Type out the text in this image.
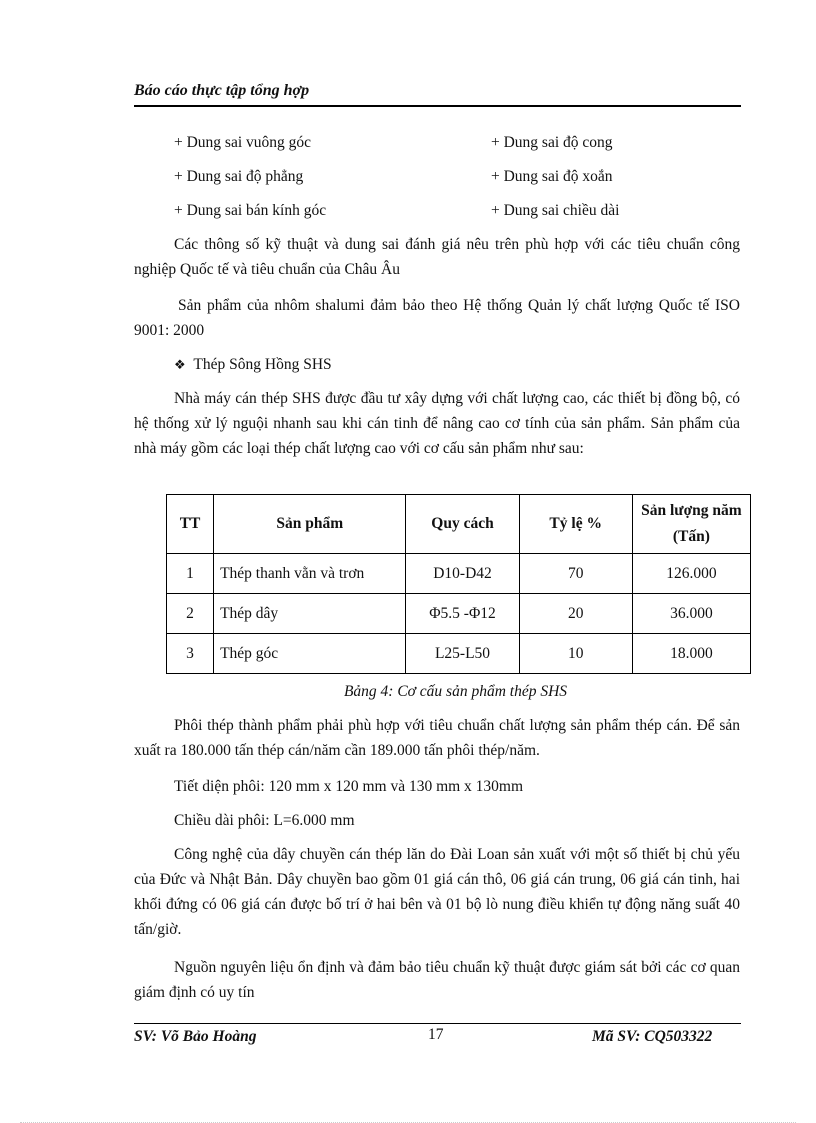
Báo cáo thực tập tổng hợp
+ Dung sai vuông góc	+ Dung sai độ cong
+ Dung sai độ phẳng	+ Dung sai độ xoắn
+ Dung sai bán kính góc	+ Dung sai chiều dài
Các thông số kỹ thuật và dung sai đánh giá nêu trên phù hợp với các tiêu chuẩn công nghiệp Quốc tế và tiêu chuẩn của Châu Âu
Sản phẩm của nhôm shalumi đảm bảo theo Hệ thống Quản lý chất lượng Quốc tế ISO 9001: 2000
❖ Thép Sông Hồng SHS
Nhà máy cán thép SHS được đầu tư xây dựng với chất lượng cao, các thiết bị đồng bộ, có hệ thống xử lý nguội nhanh sau khi cán tinh để nâng cao cơ tính của sản phẩm. Sản phẩm của nhà máy gồm các loại thép chất lượng cao với cơ cấu sản phẩm như sau:
TT	Sản phẩm	Quy cách	Tỷ lệ %	Sản lượng năm (Tấn)
1	Thép thanh vằn và trơn	D10-D42	70	126.000
2	Thép dây	Φ5.5 -Φ12	20	36.000
3	Thép góc	L25-L50	10	18.000
Bảng 4: Cơ cấu sản phẩm thép SHS
Phôi thép thành phẩm phải phù hợp với tiêu chuẩn chất lượng sản phẩm thép cán. Để sản xuất ra 180.000 tấn thép cán/năm cần 189.000 tấn phôi thép/năm.
Tiết diện phôi: 120 mm x 120 mm và 130 mm x 130mm
Chiều dài phôi: L=6.000 mm
Công nghệ của dây chuyền cán thép lăn do Đài Loan sản xuất với một số thiết bị chủ yếu của Đức và Nhật Bản. Dây chuyền bao gồm 01 giá cán thô, 06 giá cán trung, 06 giá cán tinh, hai khối đứng có 06 giá cán được bố trí ở hai bên và 01 bộ lò nung điều khiển tự động năng suất 40 tấn/giờ.
Nguồn nguyên liệu ổn định và đảm bảo tiêu chuẩn kỹ thuật được giám sát bởi các cơ quan giám định có uy tín
SV: Võ Bảo Hoàng	17	Mã SV: CQ503322
